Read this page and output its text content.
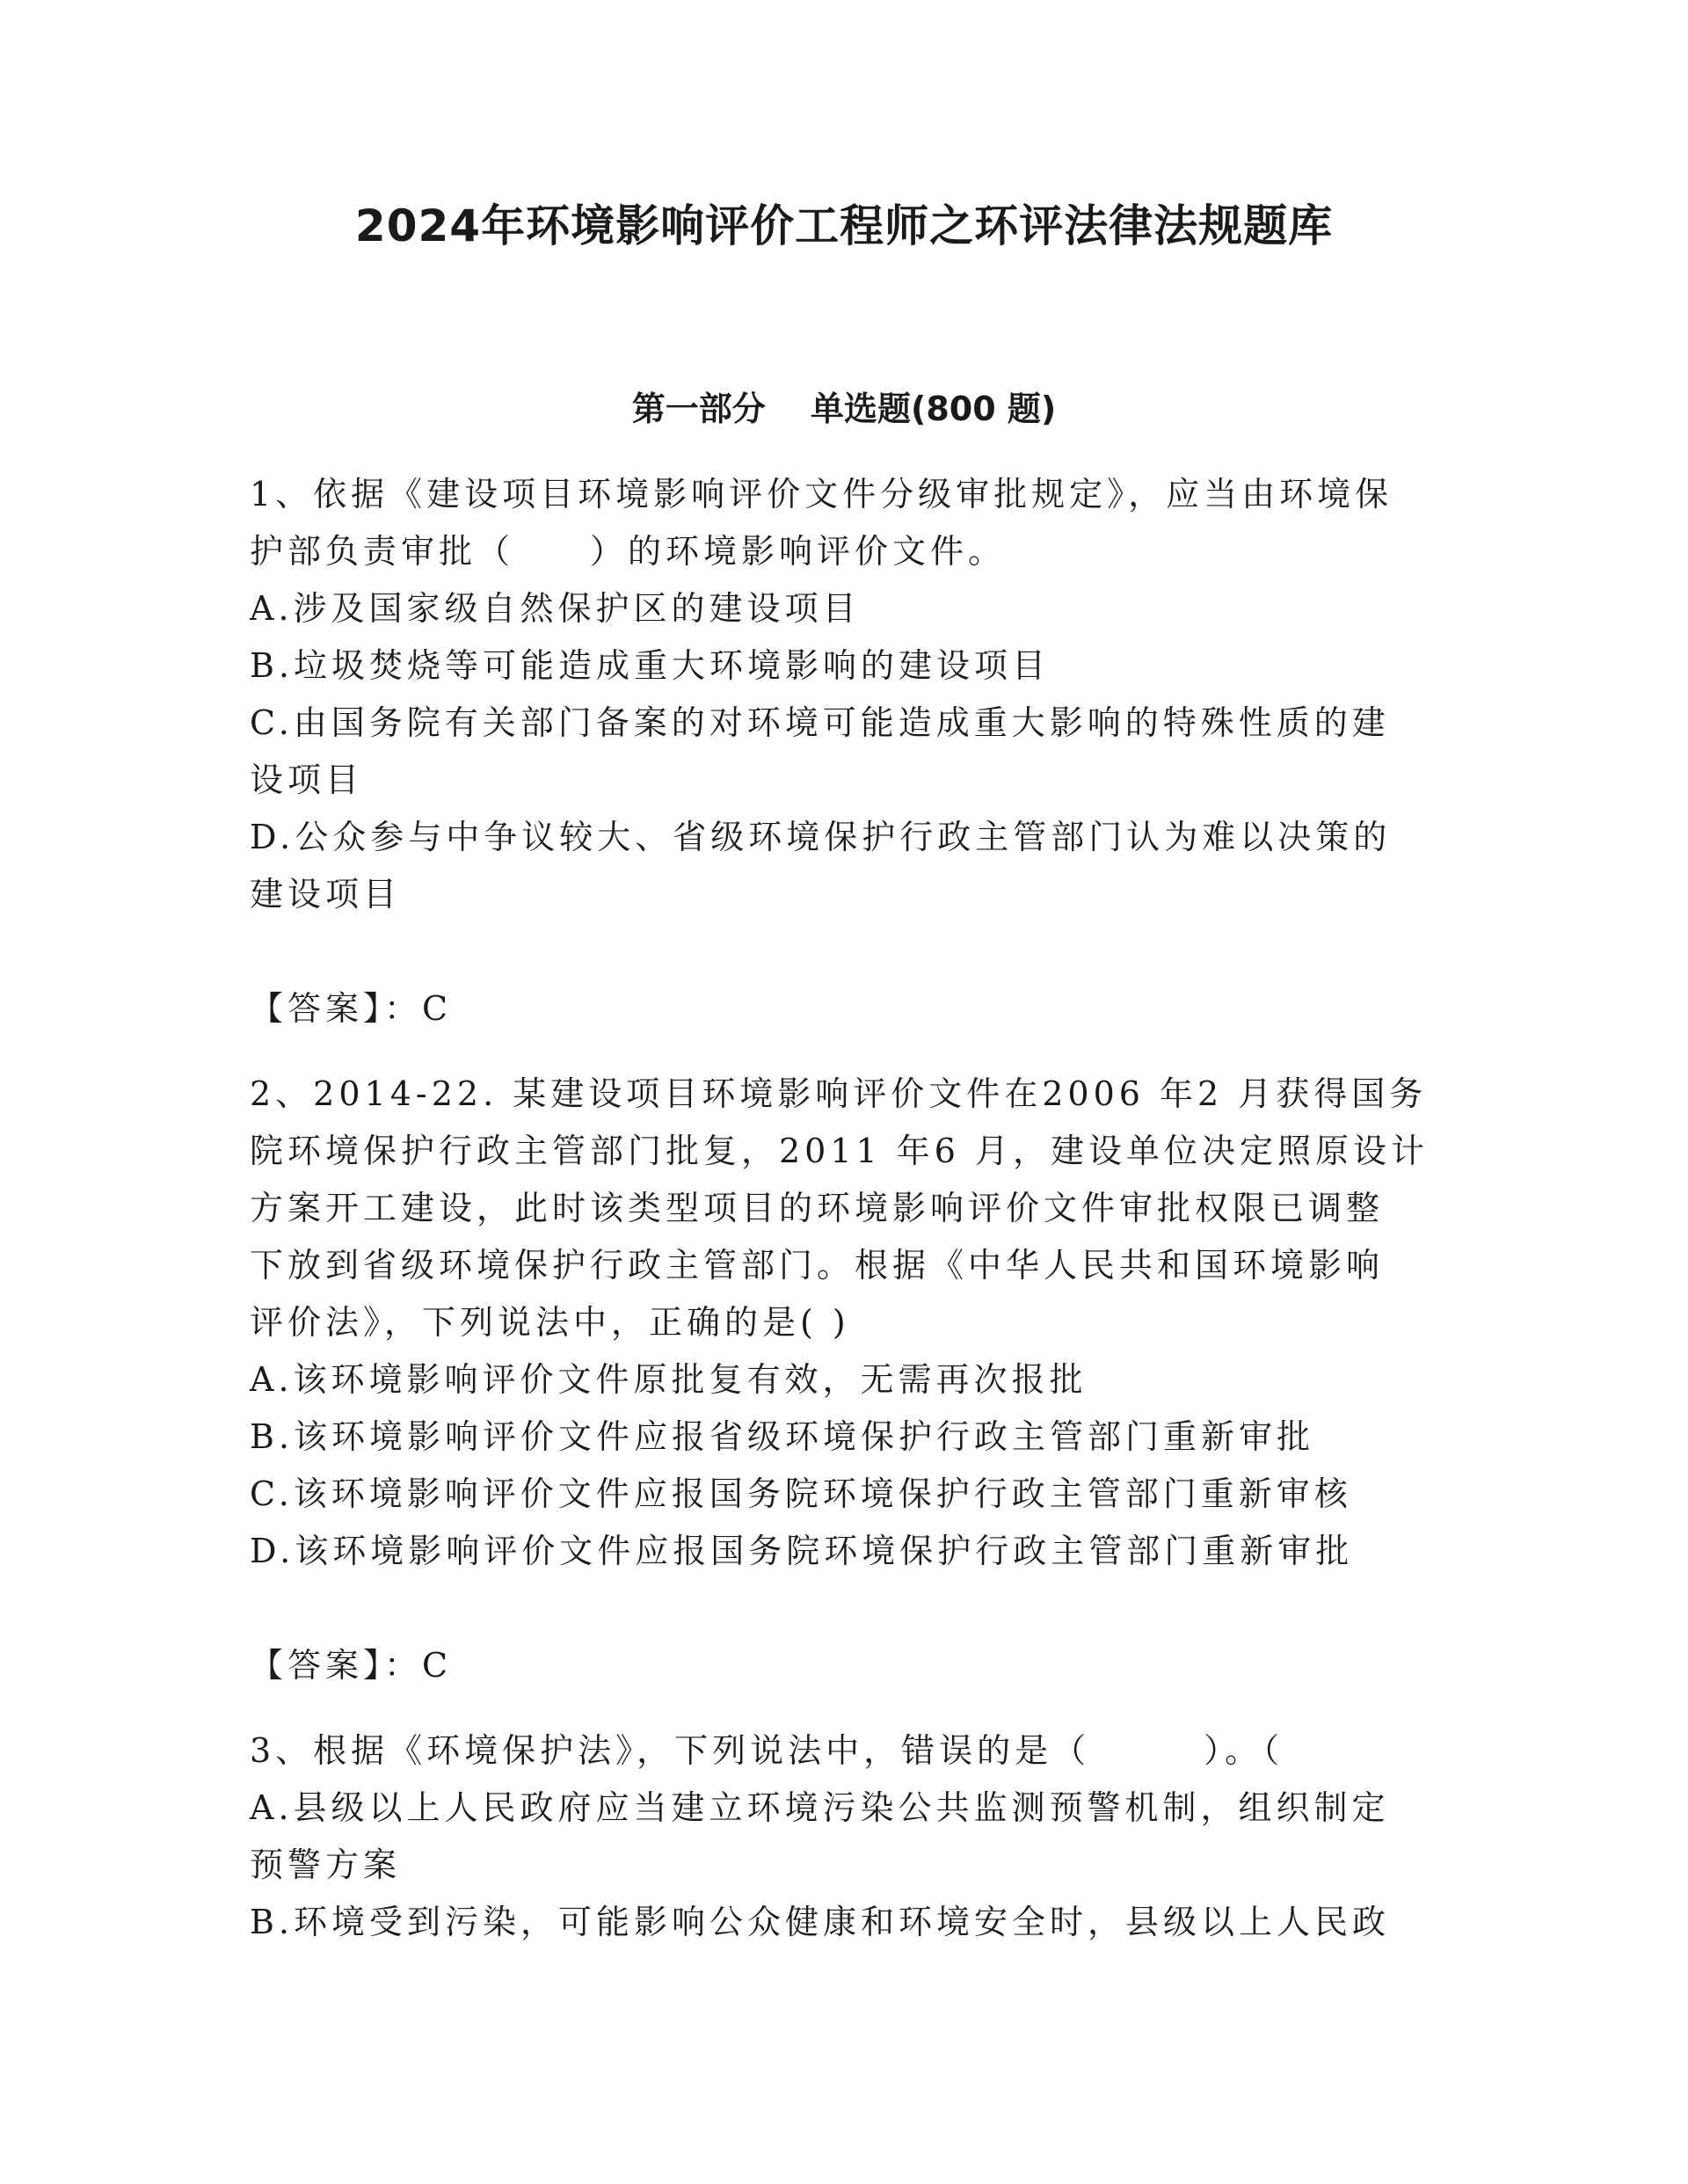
2024年环境影响评价工程师之环评法律法规题库
第一部分　 单选题(800 题)
1、依据《建设项目环境影响评价文件分级审批规定》，应当由环境保
护部负责审批（　　）的环境影响评价文件。
A.涉及国家级自然保护区的建设项目
B.垃圾焚烧等可能造成重大环境影响的建设项目
C.由国务院有关部门备案的对环境可能造成重大影响的特殊性质的建
设项目
D.公众参与中争议较大、省级环境保护行政主管部门认为难以决策的
建设项目
【答案】：C
2、2014-22. 某建设项目环境影响评价文件在2006 年2 月获得国务
院环境保护行政主管部门批复，2011 年6 月，建设单位决定照原设计
方案开工建设，此时该类型项目的环境影响评价文件审批权限已调整
下放到省级环境保护行政主管部门。根据《中华人民共和国环境影响
评价法》，下列说法中，正确的是( )
A.该环境影响评价文件原批复有效，无需再次报批
B.该环境影响评价文件应报省级环境保护行政主管部门重新审批
C.该环境影响评价文件应报国务院环境保护行政主管部门重新审核
D.该环境影响评价文件应报国务院环境保护行政主管部门重新审批
【答案】：C
3、根据《环境保护法》，下列说法中，错误的是（　　　）。（
A.县级以上人民政府应当建立环境污染公共监测预警机制，组织制定
预警方案
B.环境受到污染，可能影响公众健康和环境安全时，县级以上人民政
